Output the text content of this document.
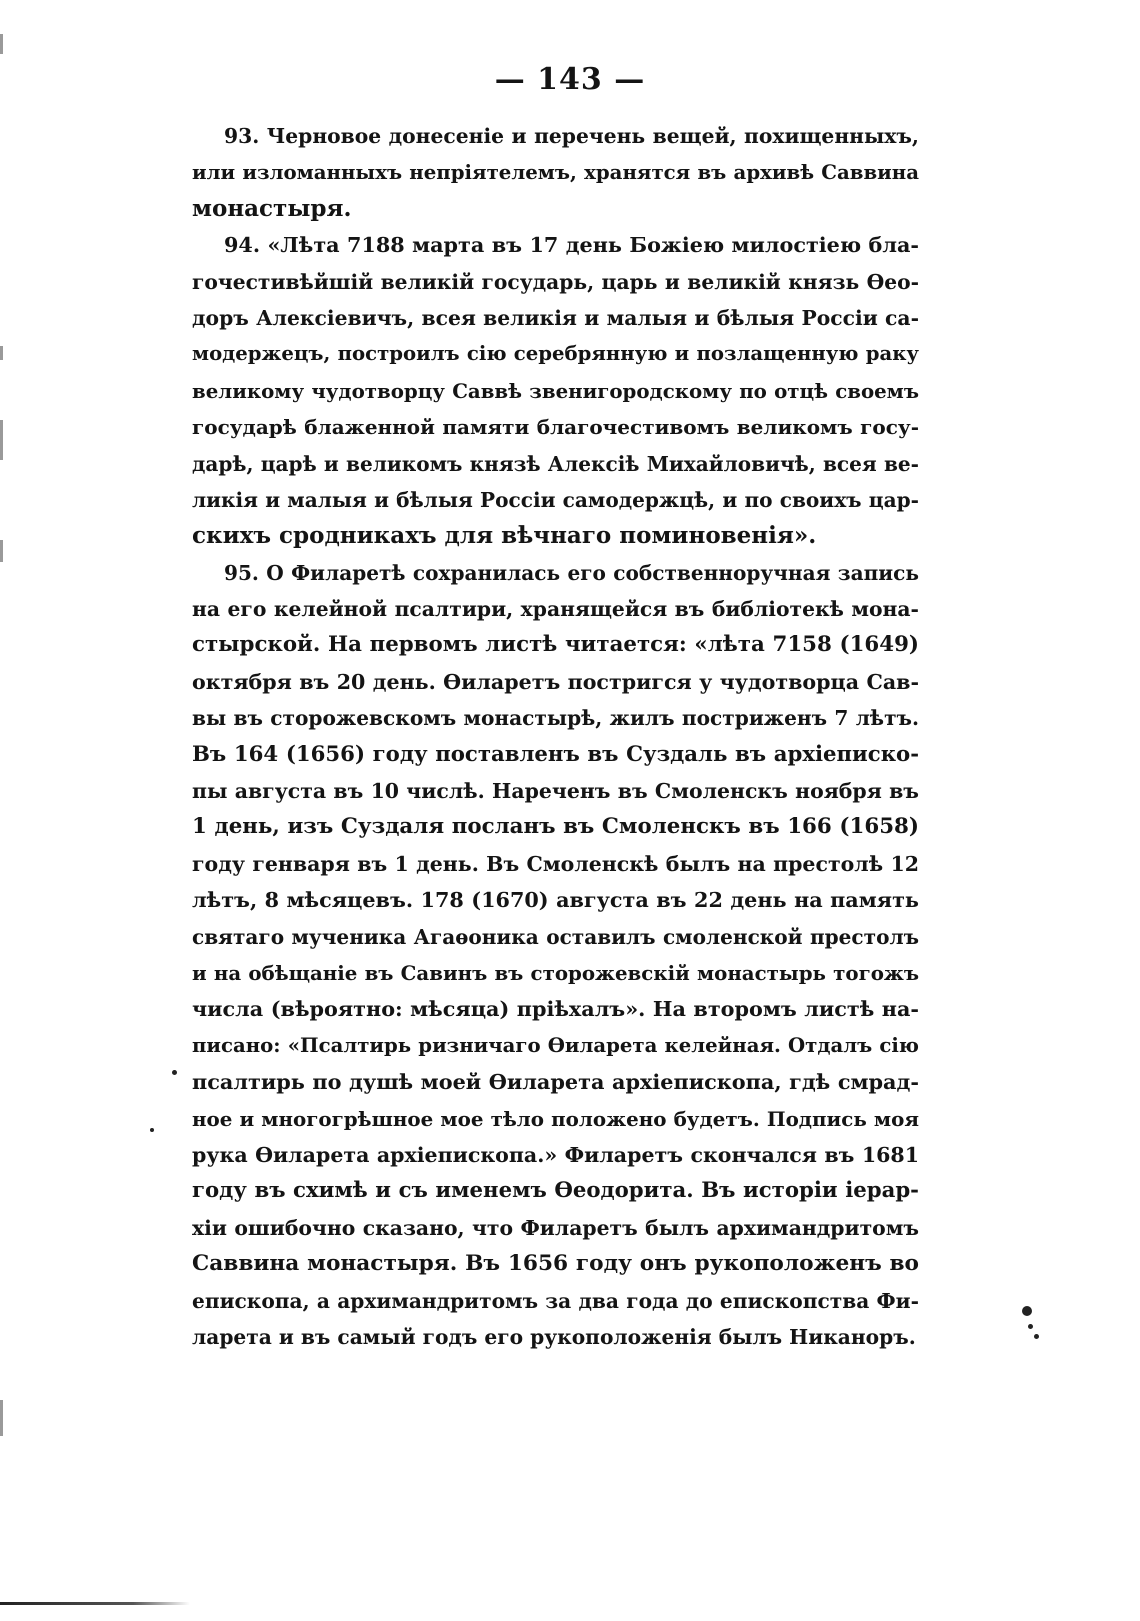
— 143 —
93. Черновое донесеніе и перечень вещей, похищенныхъ,
или изломанныхъ непріятелемъ, хранятся въ архивѣ Саввина
монастыря.
94. «Лѣта 7188 марта въ 17 день Божіею милостіею бла-
гочестивѣйшій великій государь, царь и великій князь Ѳео-
доръ Алексіевичъ, всея великія и малыя и бѣлыя Россіи са-
модержецъ, построилъ сію серебрянную и позлащенную раку
великому чудотворцу Саввѣ звенигородскому по отцѣ своемъ
государѣ блаженной памяти благочестивомъ великомъ госу-
дарѣ, царѣ и великомъ князѣ Алексіѣ Михайловичѣ, всея ве-
ликія и малыя и бѣлыя Россіи самодержцѣ, и по своихъ цар-
скихъ сродникахъ для вѣчнаго поминовенія».
95. О Филаретѣ сохранилась его собственноручная запись
на его келейной псалтири, хранящейся въ библіотекѣ мона-
стырской. На первомъ листѣ читается: «лѣта 7158 (1649)
октября въ 20 день. Ѳиларетъ постригся у чудотворца Сав-
вы въ сторожевскомъ монастырѣ, жилъ постриженъ 7 лѣтъ.
Въ 164 (1656) году поставленъ въ Суздаль въ архіеписко-
пы августа въ 10 числѣ. Нареченъ въ Смоленскъ ноября въ
1 день, изъ Суздаля посланъ въ Смоленскъ въ 166 (1658)
году генваря въ 1 день. Въ Смоленскѣ былъ на престолѣ 12
лѣтъ, 8 мѣсяцевъ. 178 (1670) августа въ 22 день на память
святаго мученика Агаѳоника оставилъ смоленской престолъ
и на обѣщаніе въ Савинъ въ сторожевскій монастырь тогожъ
числа (вѣроятно: мѣсяца) пріѣхалъ». На второмъ листѣ на-
писано: «Псалтирь ризничаго Ѳиларета келейная. Отдалъ сію
псалтирь по душѣ моей Ѳиларета архіепископа, гдѣ смрад-
ное и многогрѣшное мое тѣло положено будетъ. Подпись моя
рука Ѳиларета архіепископа.» Филаретъ скончался въ 1681
году въ схимѣ и съ именемъ Ѳеодорита. Въ исторіи іерар-
хіи ошибочно сказано, что Филаретъ былъ архимандритомъ
Саввина монастыря. Въ 1656 году онъ рукоположенъ во
епископа, а архимандритомъ за два года до епископства Фи-
ларета и въ самый годъ его рукоположенія былъ Никаноръ.
